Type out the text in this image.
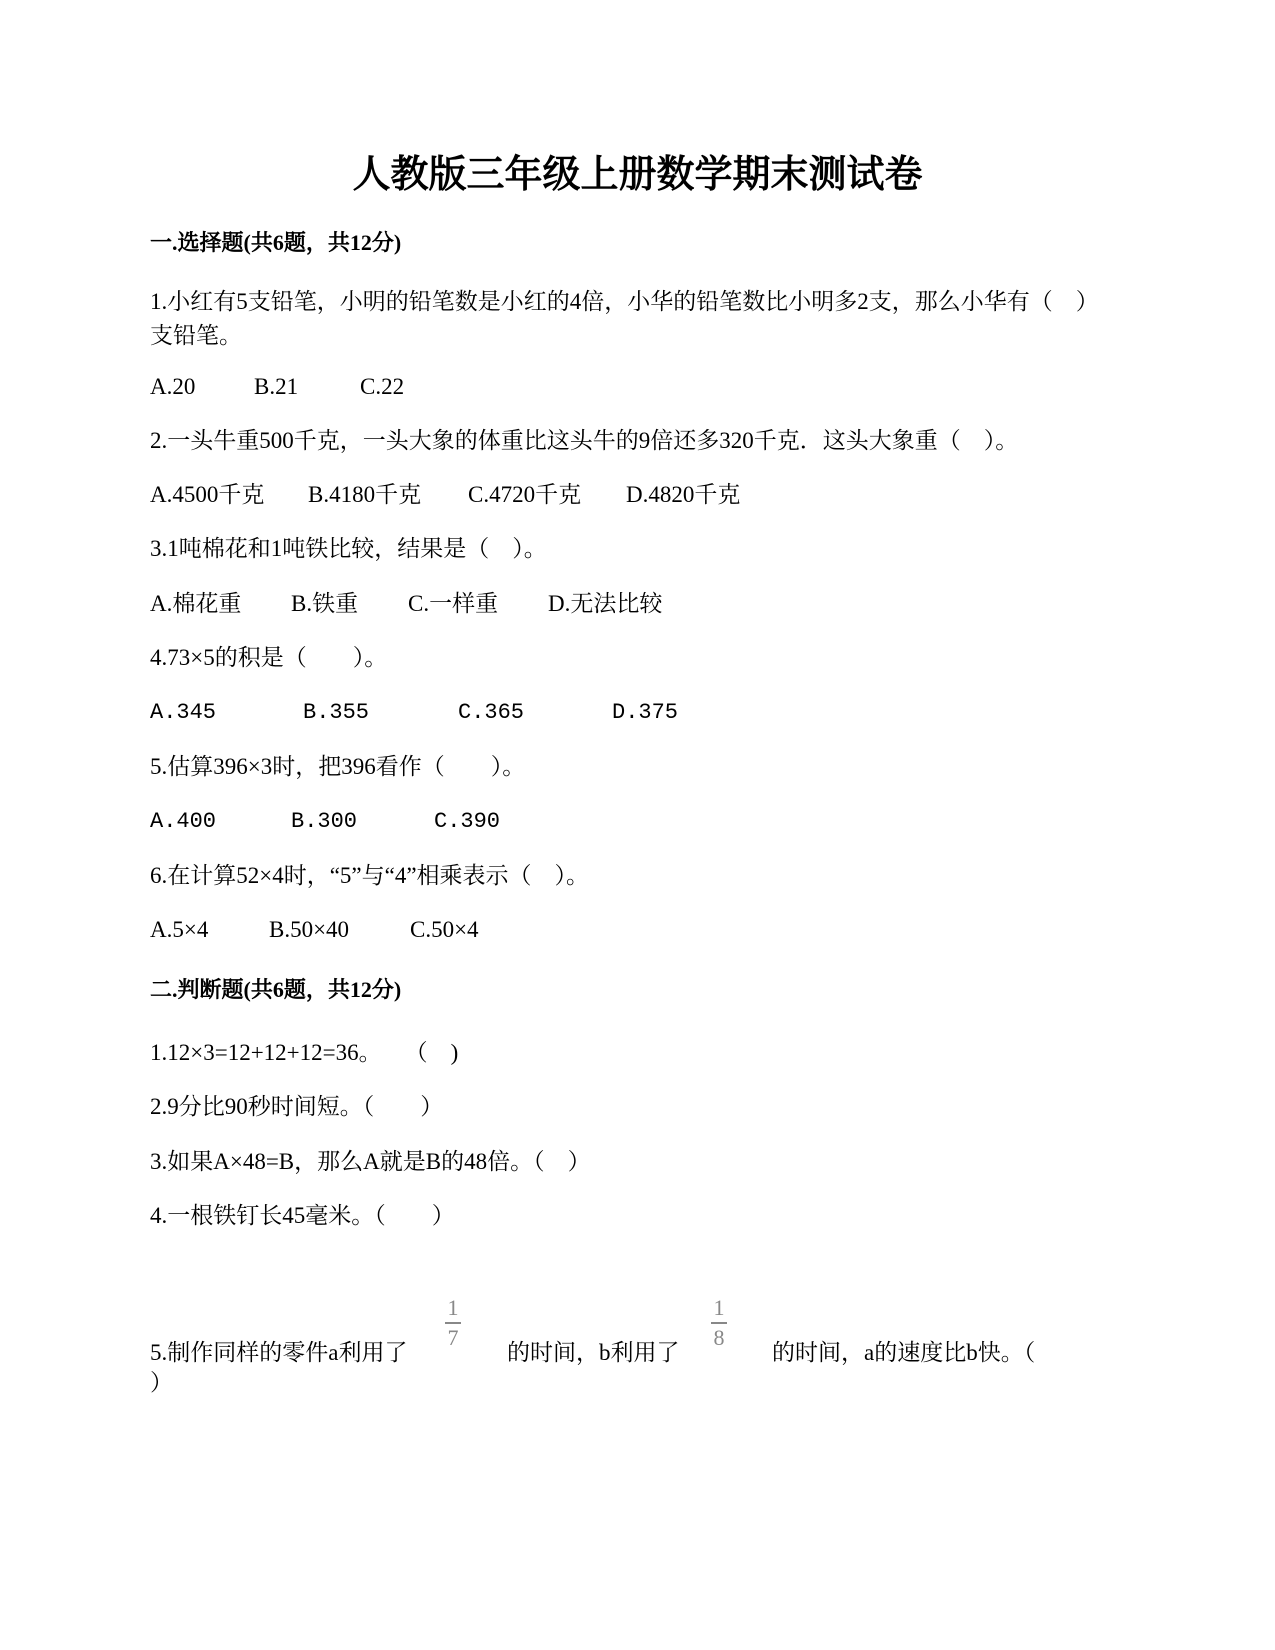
人教版三年级上册数学期末测试卷
一.选择题(共6题，共12分)
1.小红有5支铅笔，小明的铅笔数是小红的4倍，小华的铅笔数比小明多2支，那么小华有（　）支铅笔。
A.20	B.21	C.22
2.一头牛重500千克，一头大象的体重比这头牛的9倍还多320千克．这头大象重（　）。
A.4500千克 B.4180千克 C.4720千克 D.4820千克
3.1吨棉花和1吨铁比较，结果是（　）。
A.棉花重 B.铁重 C.一样重 D.无法比较
4.73×5的积是（　　）。
A.345	B.355	C.365	D.375
5.估算396×3时，把396看作（　　）。
A.400	B.300	C.390
6.在计算52×4时，“5”与“4”相乘表示（　）。
A.5×4	B.50×40	C.50×4
二.判断题(共6题，共12分)
1.12×3=12+12+12=36。　　（　)
2.9分比90秒时间短。（　　）
3.如果A×48=B，那么A就是B的48倍。（　）
4.一根铁钉长45毫米。（　　）
1
7
1
8
5.制作同样的零件a利用了	的时间，b利用了	的时间，a的速度比b快。（
）
